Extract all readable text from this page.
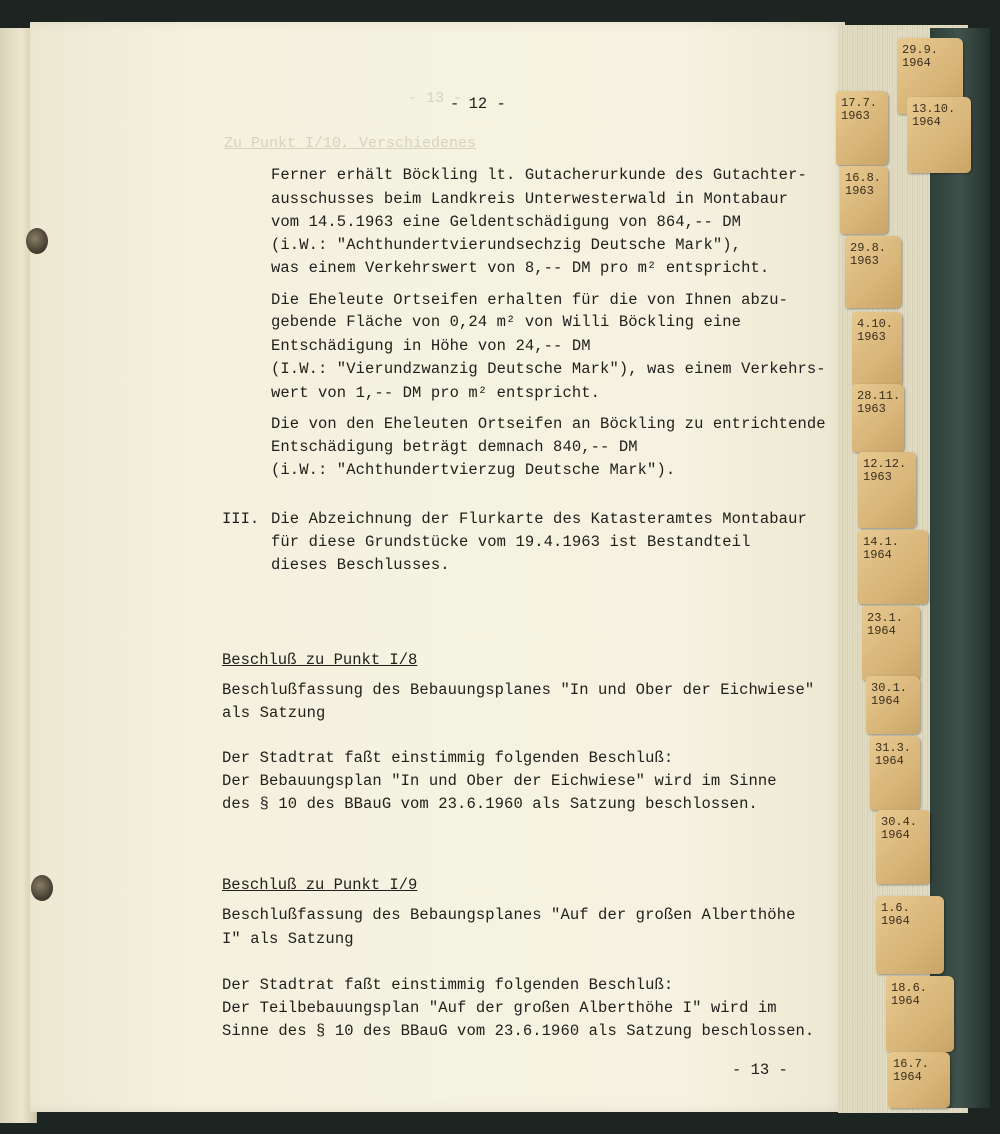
- 13 -
Zu Punkt I/10, Verschiedenes
- 12 -
Ferner erhält Böckling lt. Gutacherurkunde des Gutachter-
ausschusses beim Landkreis Unterwesterwald in Montabaur
vom 14.5.1963 eine Geldentschädigung von 864,-- DM
(i.W.: "Achthundertvierundsechzig Deutsche Mark"),
was einem Verkehrswert von 8,-- DM pro m² entspricht.
Die Eheleute Ortseifen erhalten für die von Ihnen abzu-
gebende Fläche von 0,24 m² von Willi Böckling eine
Entschädigung in Höhe von 24,-- DM
(I.W.: "Vierundzwanzig Deutsche Mark"), was einem Verkehrs-
wert von 1,-- DM pro m² entspricht.
Die von den Eheleuten Ortseifen an Böckling zu entrichtende
Entschädigung beträgt demnach 840,-- DM
(i.W.: "Achthundertvierzug Deutsche Mark").
III. Die Abzeichnung der Flurkarte des Katasteramtes Montabaur
für diese Grundstücke vom 19.4.1963 ist Bestandteil
dieses Beschlusses.
Beschluß zu Punkt I/8
Beschlußfassung des Bebauungsplanes "In und Ober der Eichwiese"
als Satzung
Der Stadtrat faßt einstimmig folgenden Beschluß:
Der Bebauungsplan "In und Ober der Eichwiese" wird im Sinne
des § 10 des BBauG vom 23.6.1960 als Satzung beschlossen.
Beschluß zu Punkt I/9
Beschlußfassung des Bebaungsplanes "Auf der großen Alberthöhe
I" als Satzung
Der Stadtrat faßt einstimmig folgenden Beschluß:
Der Teilbebauungsplan "Auf der großen Alberthöhe I" wird im
Sinne des § 10 des BBauG vom 23.6.1960 als Satzung beschlossen.
- 13 -
29.9.
1964
13.10.
1964
17.7.
1963
16.8.
1963
29.8.
1963
4.10.
1963
28.11.
1963
12.12.
1963
14.1.
1964
23.1.
1964
30.1.
1964
31.3.
1964
30.4.
1964
1.6.
1964
18.6.
1964
16.7.
1964
